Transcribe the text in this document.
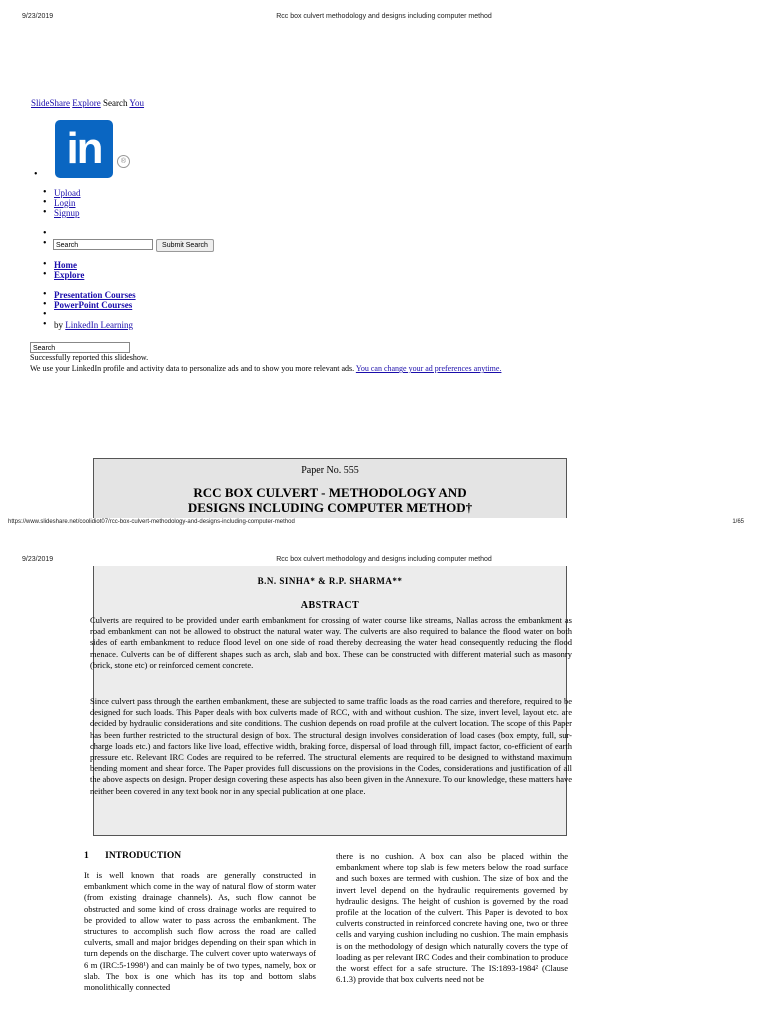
9/23/2019	Rcc box culvert methodology and designs including computer method
SlideShare Explore Search You
in	®
•
• Upload
• Login
• Signup
•
•
Search	Submit Search
• Home
• Explore
• Presentation Courses
• PowerPoint Courses
•
• by LinkedIn Learning
Search
Successfully reported this slideshow.
We use your LinkedIn profile and activity data to personalize ads and to show you more relevant ads. You can change your ad preferences anytime.
Paper No. 555
RCC BOX CULVERT - METHODOLOGY AND
DESIGNS INCLUDING COMPUTER METHOD†
https://www.slideshare.net/coolidiot07/rcc-box-culvert-methodology-and-designs-including-computer-method	1/65
9/23/2019	Rcc box culvert methodology and designs including computer method
B.N. SINHA* & R.P. SHARMA**
ABSTRACT
Culverts are required to be provided under earth embankment for crossing of water course like streams, Nallas across the embankment as road embankment can not be allowed to obstruct the natural water way. The culverts are also required to balance the flood water on both sides of earth embankment to reduce flood level on one side of road thereby decreasing the water head consequently reducing the flood menace. Culverts can be of different shapes such as arch, slab and box. These can be constructed with different material such as masonry (brick, stone etc) or reinforced cement concrete.
Since culvert pass through the earthen embankment, these are subjected to same traffic loads as the road carries and therefore, required to be designed for such loads. This Paper deals with box culverts made of RCC, with and without cushion. The size, invert level, layout etc. are decided by hydraulic considerations and site conditions. The cushion depends on road profile at the culvert location. The scope of this Paper has been further restricted to the structural design of box. The structural design involves consideration of load cases (box empty, full, sur-charge loads etc.) and factors like live load, effective width, braking force, dispersal of load through fill, impact factor, co-efficient of earth pressure etc. Relevant IRC Codes are required to be referred. The structural elements are required to be designed to withstand maximum bending moment and shear force. The Paper provides full discussions on the provisions in the Codes, considerations and justification of all the above aspects on design. Proper design covering these aspects has also been given in the Annexure. To our knowledge, these matters have neither been covered in any text book nor in any special publication at one place.
1 INTRODUCTION
It is well known that roads are generally constructed in embankment which come in the way of natural flow of storm water (from existing drainage channels). As, such flow cannot be obstructed and some kind of cross drainage works are required to be provided to allow water to pass across the embankment. The structures to accomplish such flow across the road are called culverts, small and major bridges depending on their span which in turn depends on the discharge. The culvert cover upto waterways of 6 m (IRC:5-1998¹) and can mainly be of two types, namely, box or slab. The box is one which has its top and bottom slabs monolithically connected
there is no cushion. A box can also be placed within the embankment where top slab is few meters below the road surface and such boxes are termed with cushion. The size of box and the invert level depend on the hydraulic requirements governed by hydraulic designs. The height of cushion is governed by the road profile at the location of the culvert. This Paper is devoted to box culverts constructed in reinforced concrete having one, two or three cells and varying cushion including no cushion. The main emphasis is on the methodology of design which naturally covers the type of loading as per relevant IRC Codes and their combination to produce the worst effect for a safe structure. The IS:1893-1984² (Clause 6.1.3) provide that box culverts need not be
